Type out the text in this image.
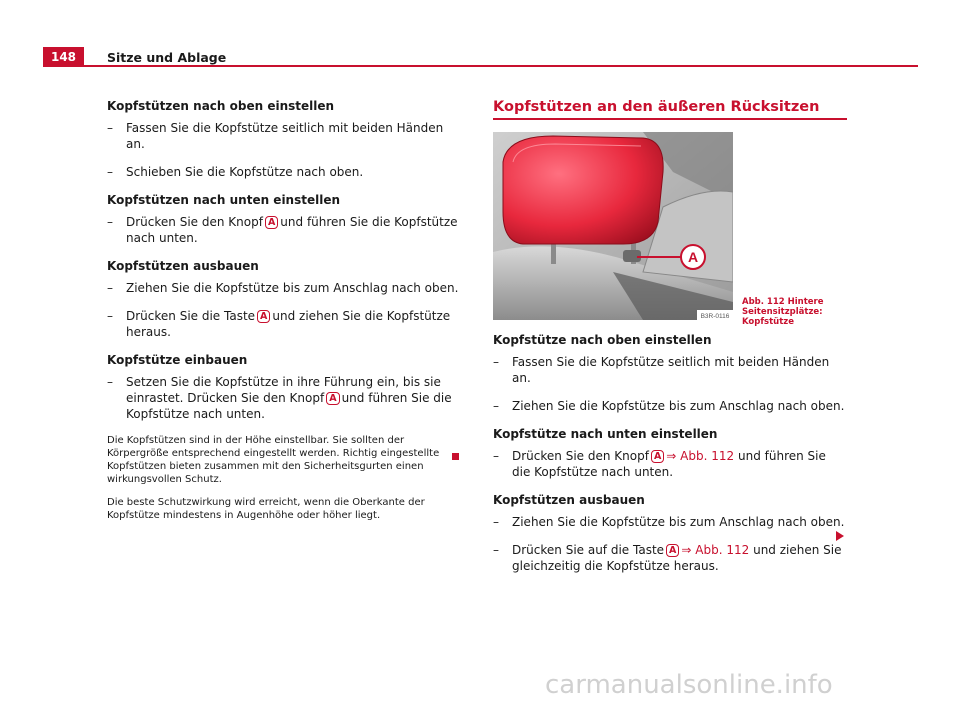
148	Sitze und Ablage
Kopfstützen nach oben einstellen
– Fassen Sie die Kopfstütze seitlich mit beiden Händen an.
– Schieben Sie die Kopfstütze nach oben.
Kopfstützen nach unten einstellen
– Drücken Sie den Knopf A und führen Sie die Kopfstütze nach unten.
Kopfstützen ausbauen
– Ziehen Sie die Kopfstütze bis zum Anschlag nach oben.
– Drücken Sie die Taste A und ziehen Sie die Kopfstütze heraus.
Kopfstütze einbauen
– Setzen Sie die Kopfstütze in ihre Führung ein, bis sie einrastet. Drücken Sie den Knopf A und führen Sie die Kopfstütze nach unten.

Die Kopfstützen sind in der Höhe einstellbar. Sie sollten der Körpergröße entsprechend eingestellt werden. Richtig eingestellte Kopfstützen bieten zusammen mit den Sicherheitsgurten einen wirkungsvollen Schutz.

Die beste Schutzwirkung wird erreicht, wenn die Oberkante der Kopfstütze mindestens in Augenhöhe oder höher liegt.

Kopfstützen an den äußeren Rücksitzen
A
B3R-0116
Abb. 112 Hintere Seitensitzplätze: Kopfstütze
Kopfstütze nach oben einstellen
– Fassen Sie die Kopfstütze seitlich mit beiden Händen an.
– Ziehen Sie die Kopfstütze bis zum Anschlag nach oben.
Kopfstütze nach unten einstellen
– Drücken Sie den Knopf A ⇒ Abb. 112 und führen Sie die Kopfstütze nach unten.
Kopfstützen ausbauen
– Ziehen Sie die Kopfstütze bis zum Anschlag nach oben.
– Drücken Sie auf die Taste A ⇒ Abb. 112 und ziehen Sie gleichzeitig die Kopfstütze heraus.
carmanualsonline.info
